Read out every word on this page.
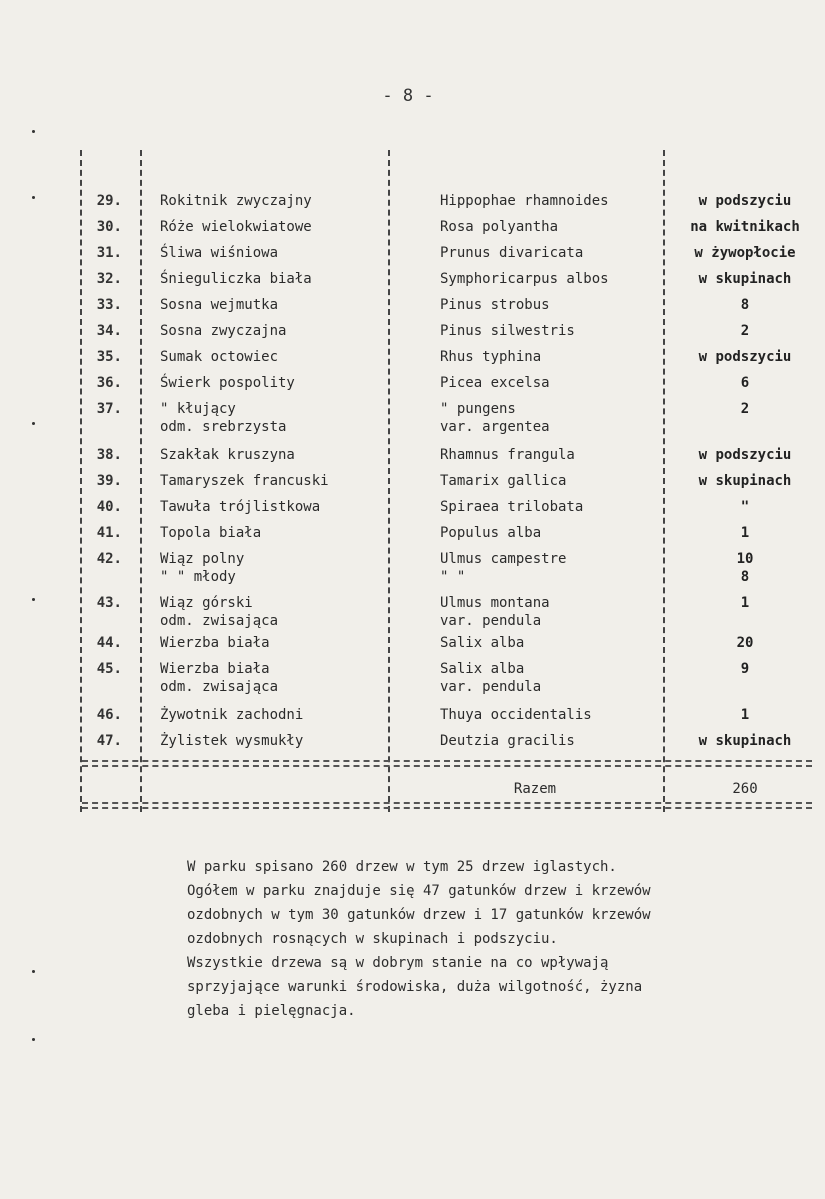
- 8 -
29.	Rokitnik zwyczajny	Hippophae rhamnoides	w podszyciu
30.	Róże wielokwiatowe	Rosa polyantha	na kwitnikach
31.	Śliwa wiśniowa	Prunus divaricata	w żywopłocie
32.	Śnieguliczka biała	Symphoricarpus albos	w skupinach
33.	Sosna wejmutka	Pinus strobus	8
34.	Sosna zwyczajna	Pinus silwestris	2
35.	Sumak octowiec	Rhus typhina	w podszyciu
36.	Świerk pospolity	Picea excelsa	6
37.	" kłujący	" pungens	2
odm. srebrzysta	var. argentea
38.	Szakłak kruszyna	Rhamnus frangula	w podszyciu
39.	Tamaryszek francuski	Tamarix gallica	w skupinach
40.	Tawuła trójlistkowa	Spiraea trilobata	"
41.	Topola biała	Populus alba	1
42.	Wiąz polny	Ulmus campestre	10
" " młody	" "	8
43.	Wiąz górski	Ulmus montana	1
odm. zwisająca	var. pendula
44.	Wierzba biała	Salix alba	20
45.	Wierzba biała	Salix alba	9
odm. zwisająca	var. pendula
46.	Żywotnik zachodni	Thuya occidentalis	1
47.	Żylistek wysmukły	Deutzia gracilis	w skupinach
Razem	260

W parku spisano 260 drzew w tym 25 drzew iglastych.

Ogółem w parku znajduje się 47 gatunków drzew i krzewów

ozdobnych w tym 30 gatunków drzew i 17 gatunków krzewów

ozdobnych rosnących w skupinach i podszyciu.

Wszystkie drzewa są w dobrym stanie na co wpływają

sprzyjające warunki środowiska, duża wilgotność, żyzna

gleba i pielęgnacja.
